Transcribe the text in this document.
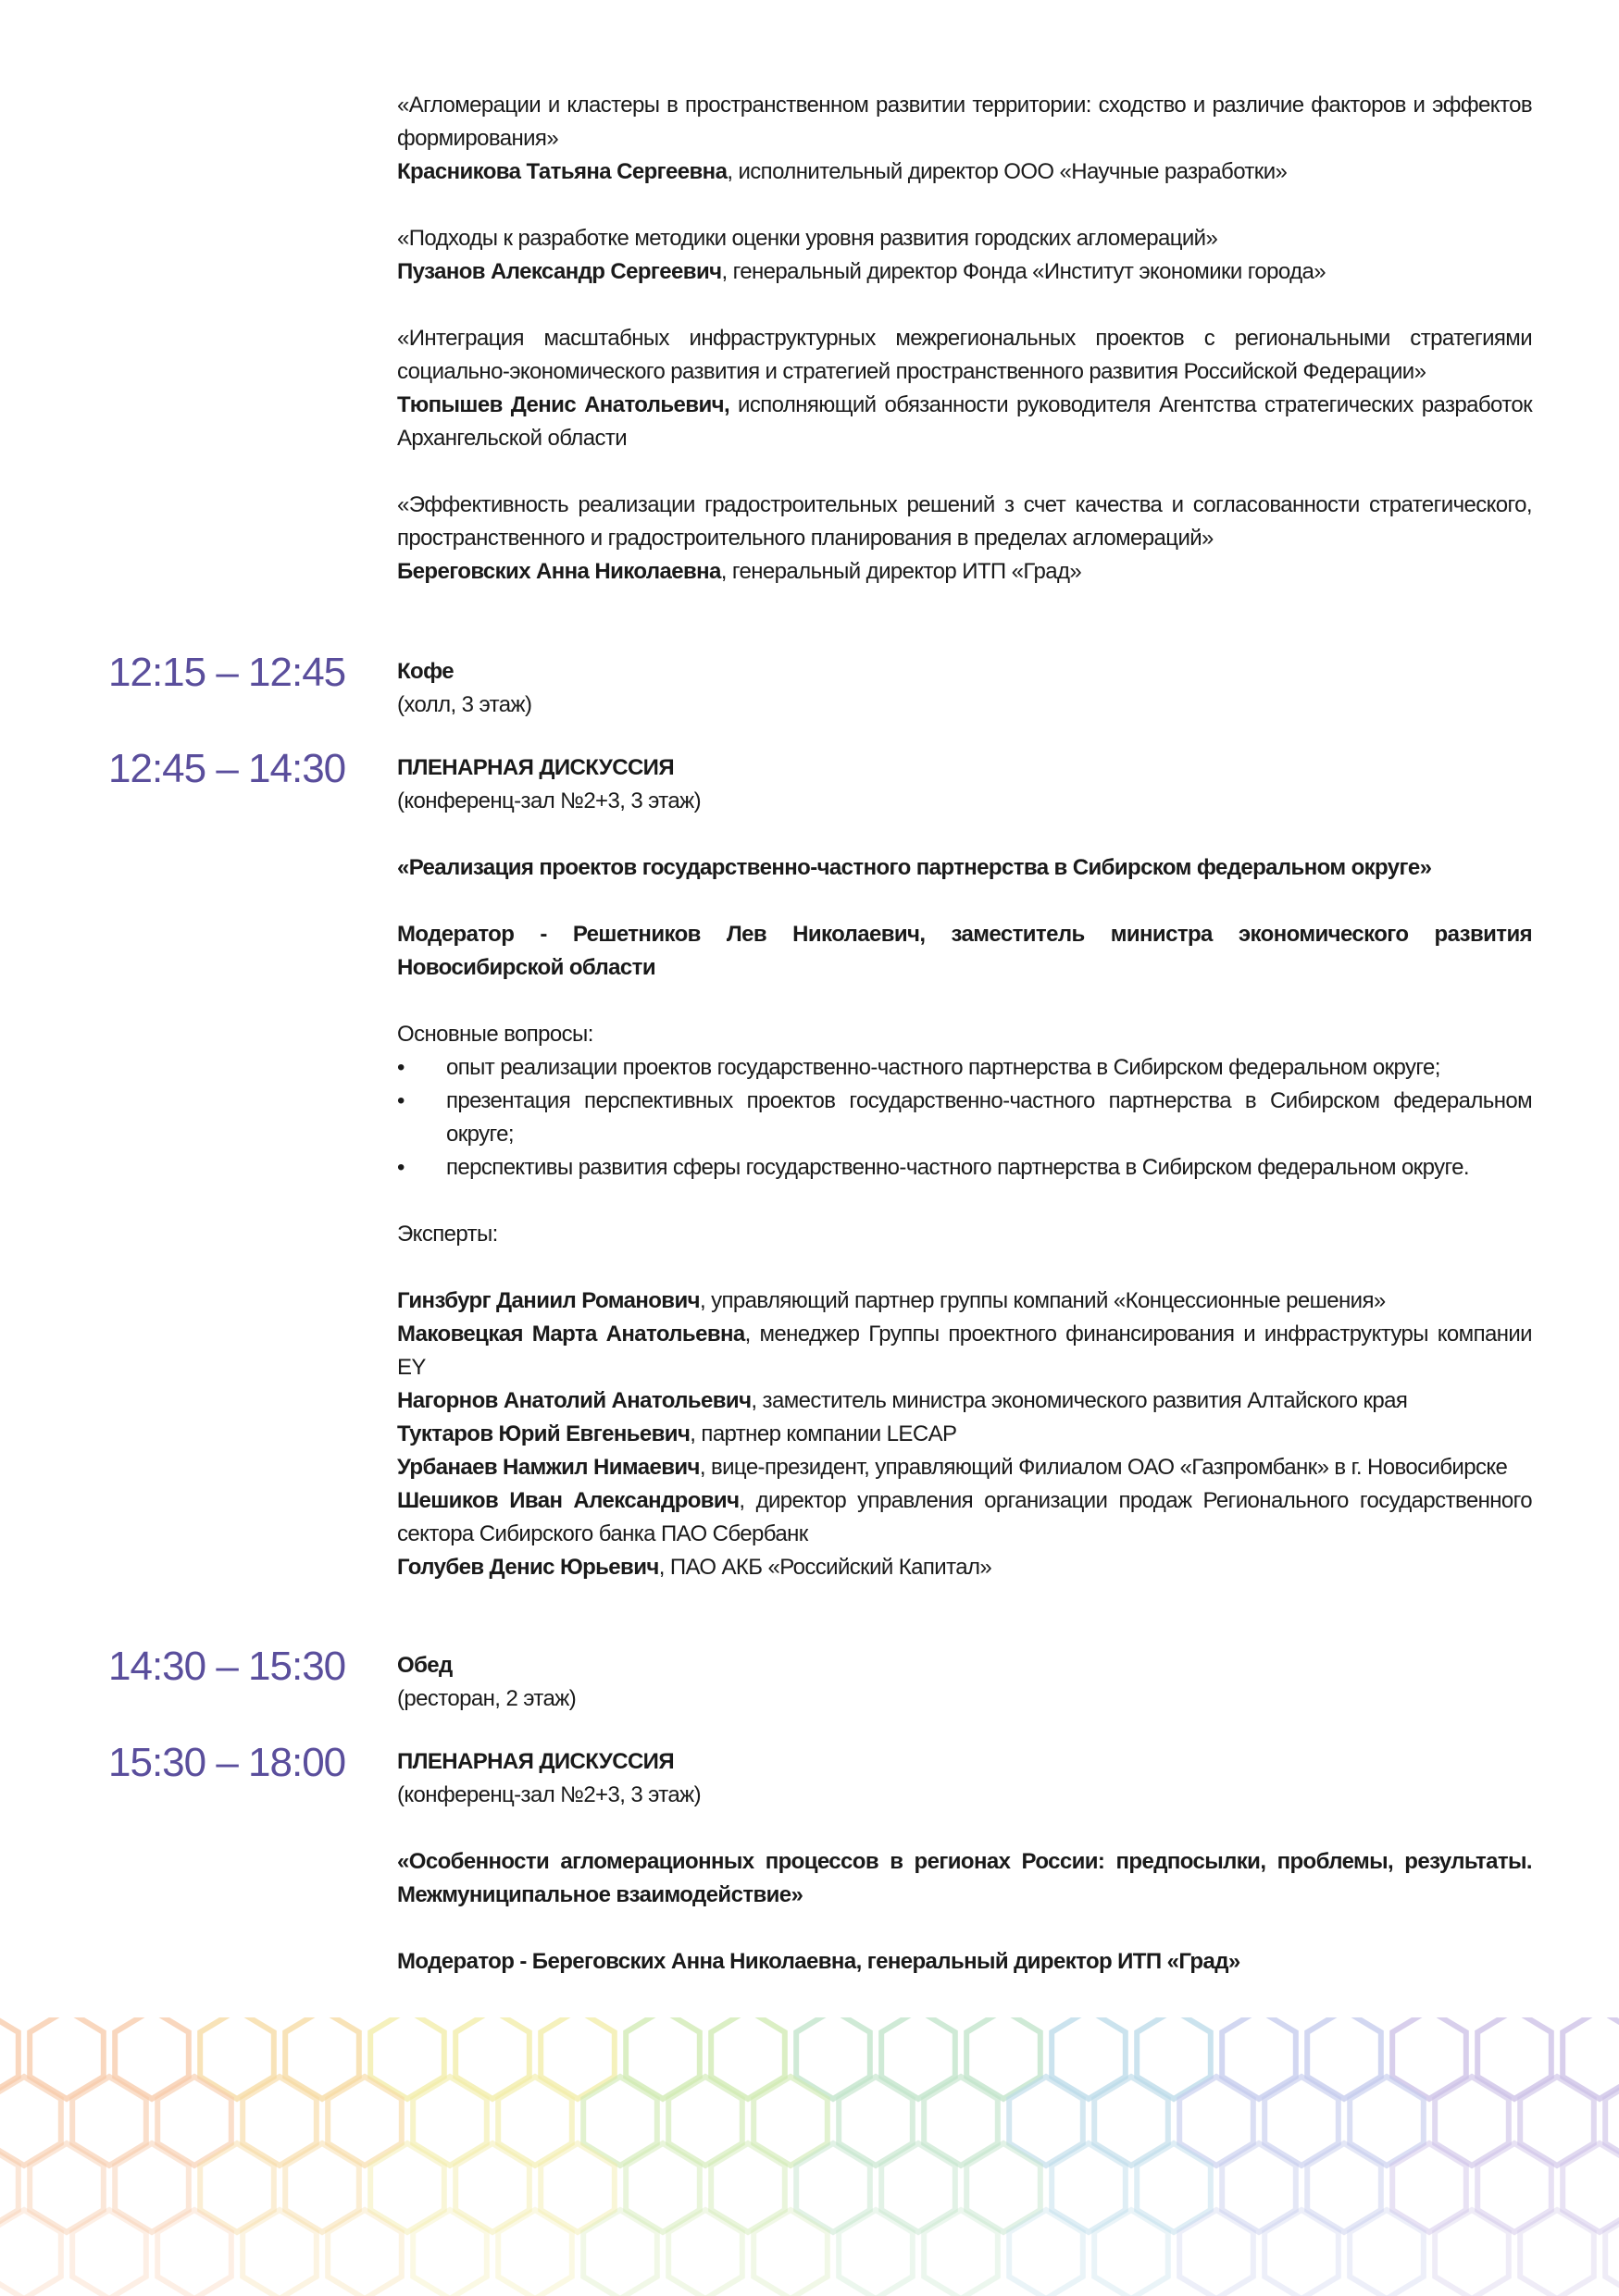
«Агломерации и кластеры в пространственном развитии территории: сходство и различие факторов и эффектов формирования»

Красникова Татьяна Сергеевна, исполнительный директор ООО «Научные разработки»

«Подходы к разработке методики оценки уровня развития городских агломераций»

Пузанов Александр Сергеевич, генеральный директор Фонда «Институт экономики города»

«Интеграция масштабных инфраструктурных межрегиональных проектов с региональными стратегиями социально-экономического развития и стратегией пространственного развития Российской Федерации»

Тюпышев Денис Анатольевич, исполняющий обязанности руководителя Агентства стратегических разработок Архангельской области

«Эффективность реализации градостроительных решений з счет качества и согласованности стратегического, пространственного и градостроительного планирования в пределах агломераций»

Береговских Анна Николаевна, генеральный директор ИТП «Град»

12:15 – 12:45	Кофе

(холл, 3 этаж)

12:45 – 14:30	ПЛЕНАРНАЯ ДИСКУССИЯ

(конференц-зал №2+3, 3 этаж)

«Реализация проектов государственно-частного партнерства в Сибирском федеральном округе»

Модератор - Решетников Лев Николаевич, заместитель министра экономического развития Новосибирской области

Основные вопросы:

• опыт реализации проектов государственно-частного партнерства в Сибирском федеральном округе;
• презентация перспективных проектов государственно-частного партнерства в Сибирском федеральном округе;
• перспективы развития сферы государственно-частного партнерства в Сибирском федеральном округе.

Эксперты:

Гинзбург Даниил Романович, управляющий партнер группы компаний «Концессионные решения»

Маковецкая Марта Анатольевна, менеджер Группы проектного финансирования и инфраструктуры компании EY

Нагорнов Анатолий Анатольевич, заместитель министра экономического развития Алтайского края

Туктаров Юрий Евгеньевич, партнер компании LECAP

Урбанаев Намжил Нимаевич, вице-президент, управляющий Филиалом ОАО «Газпромбанк» в г. Новосибирске

Шешиков Иван Александрович, директор управления организации продаж Регионального государственного сектора Сибирского банка ПАО Сбербанк

Голубев Денис Юрьевич, ПАО АКБ «Российский Капитал»

14:30 – 15:30	Обед

(ресторан, 2 этаж)

15:30 – 18:00	ПЛЕНАРНАЯ ДИСКУССИЯ

(конференц-зал №2+3, 3 этаж)

«Особенности агломерационных процессов в регионах России: предпосылки, проблемы, результаты. Межмуниципальное взаимодействие»

Модератор - Береговских Анна Николаевна, генеральный директор ИТП «Град»
